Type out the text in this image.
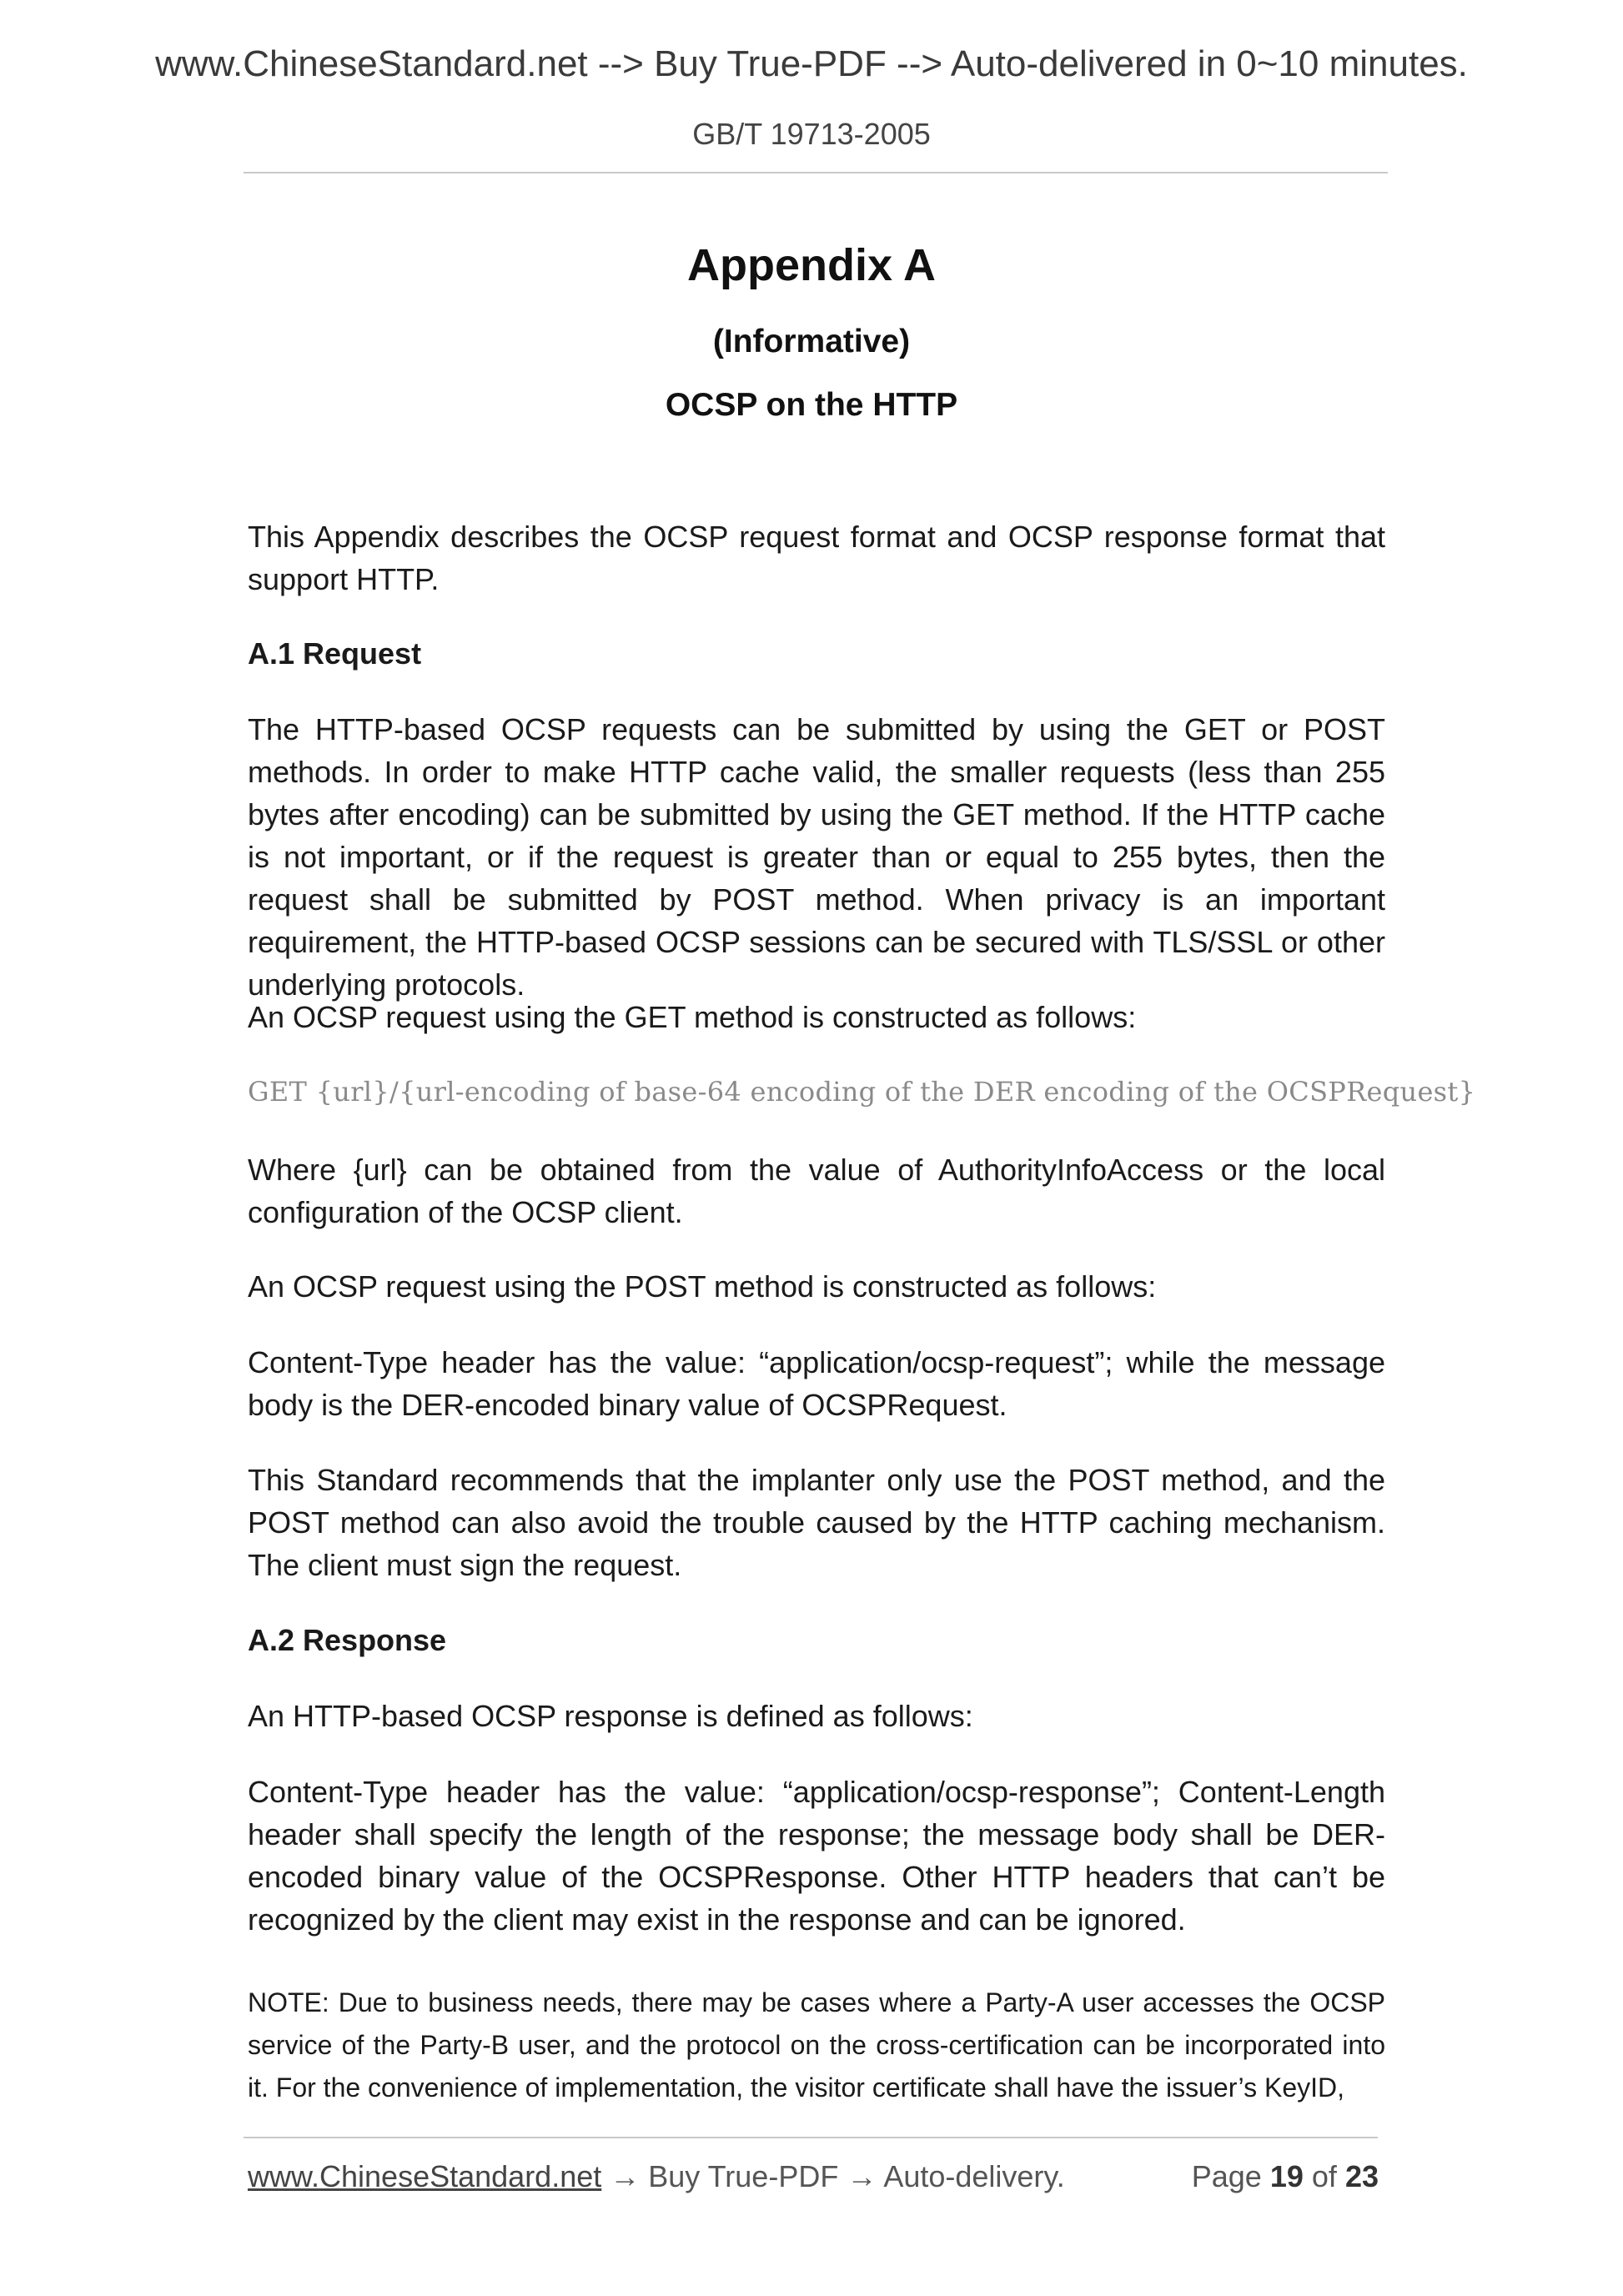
www.ChineseStandard.net --> Buy True-PDF --> Auto-delivered in 0~10 minutes.
GB/T 19713-2005
Appendix A
(Informative)
OCSP on the HTTP

This Appendix describes the OCSP request format and OCSP response format that support HTTP.

A.1 Request

The HTTP-based OCSP requests can be submitted by using the GET or POST methods. In order to make HTTP cache valid, the smaller requests (less than 255 bytes after encoding) can be submitted by using the GET method. If the HTTP cache is not important, or if the request is greater than or equal to 255 bytes, then the request shall be submitted by POST method. When privacy is an important requirement, the HTTP-based OCSP sessions can be secured with TLS/SSL or other underlying protocols.

An OCSP request using the GET method is constructed as follows:

GET {url}/{url-encoding of base-64 encoding of the DER encoding of the OCSPRequest}

Where {url} can be obtained from the value of AuthorityInfoAccess or the local configuration of the OCSP client.

An OCSP request using the POST method is constructed as follows:

Content-Type header has the value: “application/ocsp-request”; while the message body is the DER-encoded binary value of OCSPRequest.

This Standard recommends that the implanter only use the POST method, and the POST method can also avoid the trouble caused by the HTTP caching mechanism. The client must sign the request.

A.2 Response

An HTTP-based OCSP response is defined as follows:

Content-Type header has the value: “application/ocsp-response”; Content-Length header shall specify the length of the response; the message body shall be DER-encoded binary value of the OCSPResponse. Other HTTP headers that can’t be recognized by the client may exist in the response and can be ignored.

NOTE: Due to business needs, there may be cases where a Party-A user accesses the OCSP service of the Party-B user, and the protocol on the cross-certification can be incorporated into it. For the convenience of implementation, the visitor certificate shall have the issuer’s KeyID,

www.ChineseStandard.net → Buy True-PDF → Auto-delivery.	Page 19 of 23
